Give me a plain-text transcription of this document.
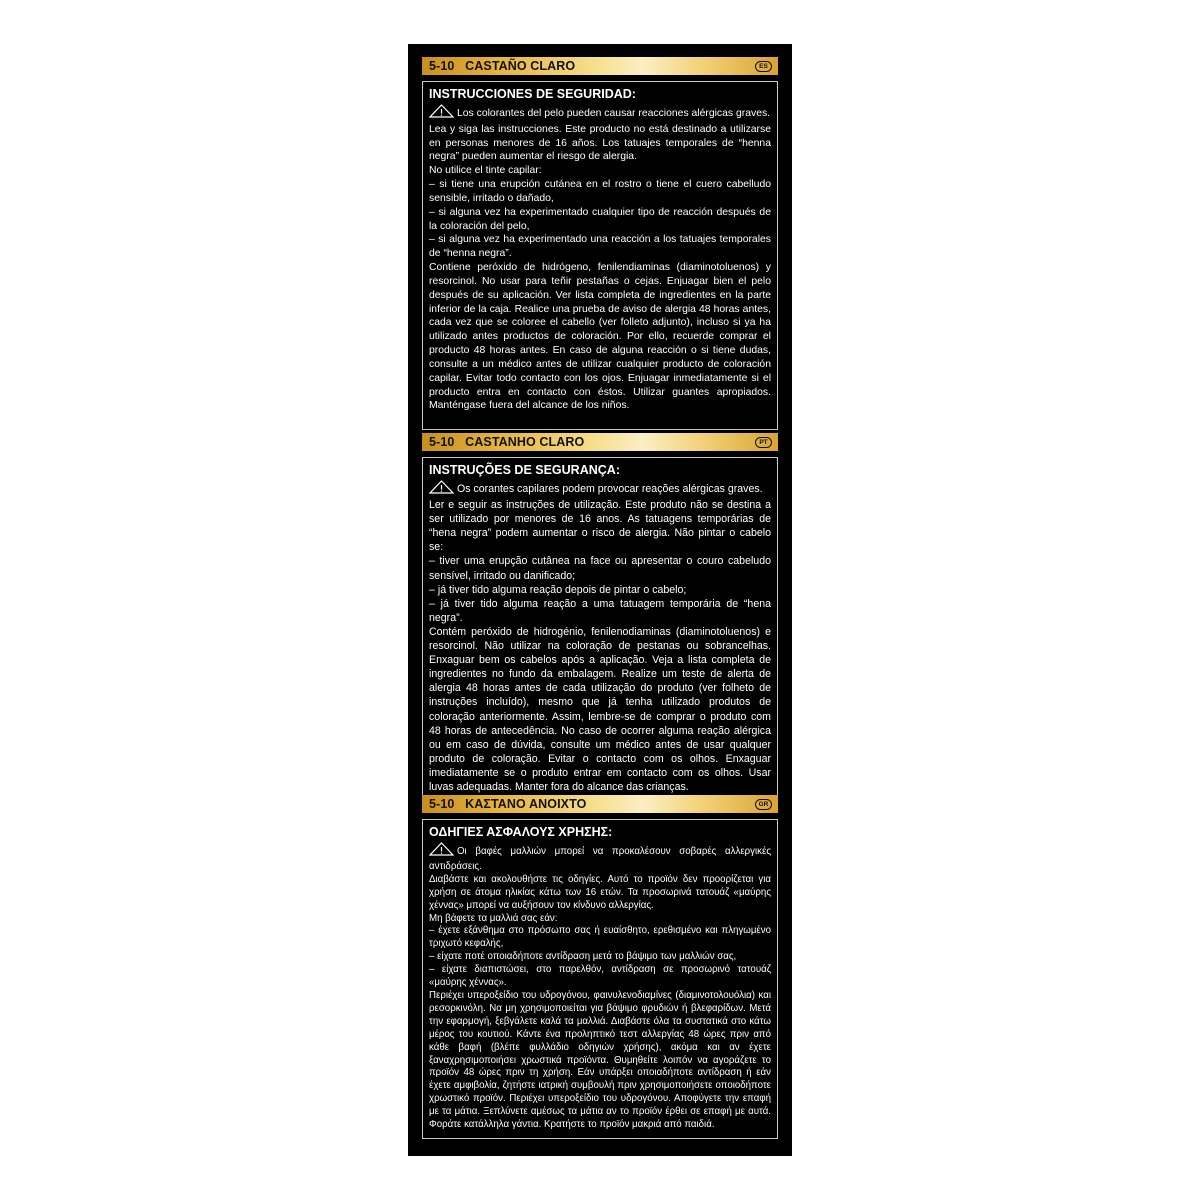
5-10 CASTAÑO CLARO	ES
INSTRUCCIONES DE SEGURIDAD:
Los colorantes del pelo pueden causar reacciones alérgicas graves.
Lea y siga las instrucciones. Este producto no está destinado a utilizarse en personas menores de 16 años. Los tatuajes temporales de “henna negra” pueden aumentar el riesgo de alergia.
No utilice el tinte capilar:
– si tiene una erupción cutánea en el rostro o tiene el cuero cabelludo sensible, irritado o dañado,
– si alguna vez ha experimentado cualquier tipo de reacción después de la coloración del pelo,
– si alguna vez ha experimentado una reacción a los tatuajes temporales de “henna negra”.
Contiene peróxido de hidrógeno, fenilendiaminas (diaminotoluenos) y resorcinol. No usar para teñir pestañas o cejas. Enjuagar bien el pelo después de su aplicación. Ver lista completa de ingredientes en la parte inferior de la caja. Realice una prueba de aviso de alergia 48 horas antes, cada vez que se coloree el cabello (ver folleto adjunto), incluso si ya ha utilizado antes productos de coloración. Por ello, recuerde comprar el producto 48 horas antes. En caso de alguna reacción o si tiene dudas, consulte a un médico antes de utilizar cualquier producto de coloración capilar. Evitar todo contacto con los ojos. Enjuagar inmediatamente si el producto entra en contacto con éstos. Utilizar guantes apropiados. Manténgase fuera del alcance de los niños.
5-10 CASTANHO CLARO	PT
INSTRUÇÕES DE SEGURANÇA:
Os corantes capilares podem provocar reações alérgicas graves.
Ler e seguir as instruções de utilização. Este produto não se destina a ser utilizado por menores de 16 anos. As tatuagens temporárias de “hena negra” podem aumentar o risco de alergia. Não pintar o cabelo se:
– tiver uma erupção cutânea na face ou apresentar o couro cabeludo sensível, irritado ou danificado;
– já tiver tido alguma reação depois de pintar o cabelo;
– já tiver tido alguma reação a uma tatuagem temporária de “hena negra”.
Contém peróxido de hidrogénio, fenilenodiaminas (diaminotoluenos) e resorcinol. Não utilizar na coloração de pestanas ou sobrancelhas. Enxaguar bem os cabelos após a aplicação. Veja a lista completa de ingredientes no fundo da embalagem. Realize um teste de alerta de alergia 48 horas antes de cada utilização do produto (ver folheto de instruções incluído), mesmo que já tenha utilizado produtos de coloração anteriormente. Assim, lembre-se de comprar o produto com 48 horas de antecedência. No caso de ocorrer alguma reação alérgica ou em caso de dúvida, consulte um médico antes de usar qualquer produto de coloração. Evitar o contacto com os olhos. Enxaguar imediatamente se o produto entrar em contacto com os olhos. Usar luvas adequadas. Manter fora do alcance das crianças.
5-10 ΚΑΣΤΑΝΟ ΑΝΟΙΧΤΟ	GR
ΟΔΗΓΙΕΣ ΑΣΦΑΛΟΥΣ ΧΡΗΣΗΣ:
Οι βαφές μαλλιών μπορεί να προκαλέσουν σοβαρές αλλεργικές αντιδράσεις.
Διαβάστε και ακολουθήστε τις οδηγίες. Αυτό το προϊόν δεν προορίζεται για χρήση σε άτομα ηλικίας κάτω των 16 ετών. Τα προσωρινά τατουάζ «μαύρης χέννας» μπορεί να αυξήσουν τον κίνδυνο αλλεργίας.
Μη βάφετε τα μαλλιά σας εάν:
– έχετε εξάνθημα στο πρόσωπο σας ή ευαίσθητο, ερεθισμένο και πληγωμένο τριχωτό κεφαλής,
– είχατε ποτέ οποιαδήποτε αντίδραση μετά το βάψιμο των μαλλιών σας,
– είχατε διαπιστώσει, στο παρελθόν, αντίδραση σε προσωρινό τατουάζ «μαύρης χέννας».
Περιέχει υπεροξείδιο του υδρογόνου, φαινυλενοδιαμίνες (διαμινοτολουόλια) και ρεσορκινόλη. Να μη χρησιμοποιείται για βάψιμο φρυδιών ή βλεφαρίδων. Μετά την εφαρμογή, ξεβγάλετε καλά τα μαλλιά. Διαβάστε όλα τα συστατικά στο κάτω μέρος του κουτιού. Κάντε ένα προληπτικό τεστ αλλεργίας 48 ώρες πριν από κάθε βαφή (βλέπε φυλλάδιο οδηγιών χρήσης), ακόμα και αν έχετε ξαναχρησιμοποιήσει χρωστικά προϊόντα. Θυμηθείτε λοιπόν να αγοράζετε το προϊόν 48 ώρες πριν τη χρήση. Εάν υπάρξει οποιαδήποτε αντίδραση ή εάν έχετε αμφιβολία, ζητήστε ιατρική συμβουλή πριν χρησιμοποιήσετε οποιοδήποτε χρωστικό προϊόν. Περιέχει υπεροξείδιο του υδρογόνου. Αποφύγετε την επαφή με τα μάτια. Ξεπλύνετε αμέσως τα μάτια αν το προϊόν έρθει σε επαφή με αυτά. Φοράτε κατάλληλα γάντια. Κρατήστε το προϊόν μακριά από παιδιά.
